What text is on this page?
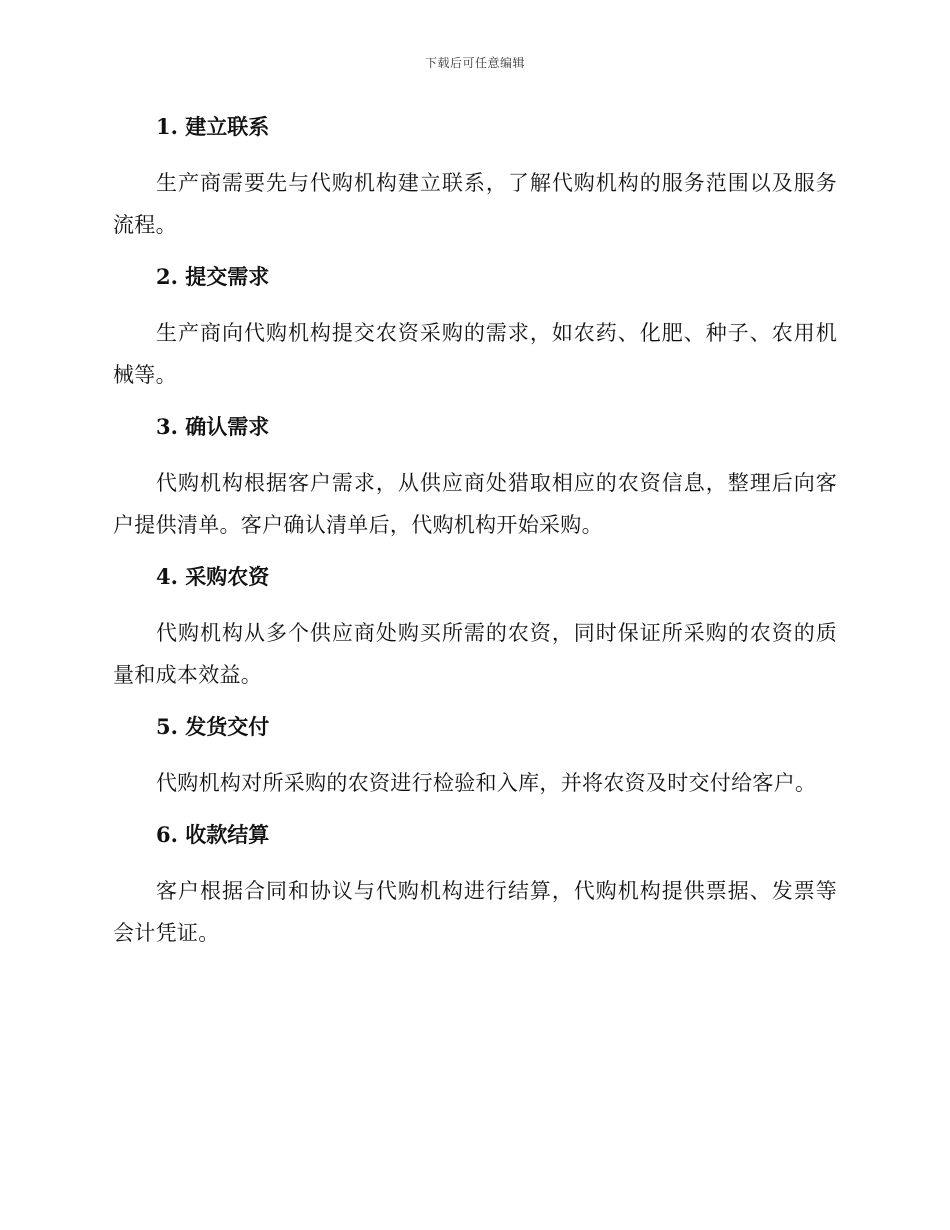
下载后可任意编辑
1. 建立联系

生产商需要先与代购机构建立联系，了解代购机构的服务范围以及服务流程。

2. 提交需求

生产商向代购机构提交农资采购的需求，如农药、化肥、种子、农用机械等。

3. 确认需求

代购机构根据客户需求，从供应商处猎取相应的农资信息，整理后向客户提供清单。客户确认清单后，代购机构开始采购。

4. 采购农资

代购机构从多个供应商处购买所需的农资，同时保证所采购的农资的质量和成本效益。

5. 发货交付

代购机构对所采购的农资进行检验和入库，并将农资及时交付给客户。

6. 收款结算

客户根据合同和协议与代购机构进行结算，代购机构提供票据、发票等会计凭证。
